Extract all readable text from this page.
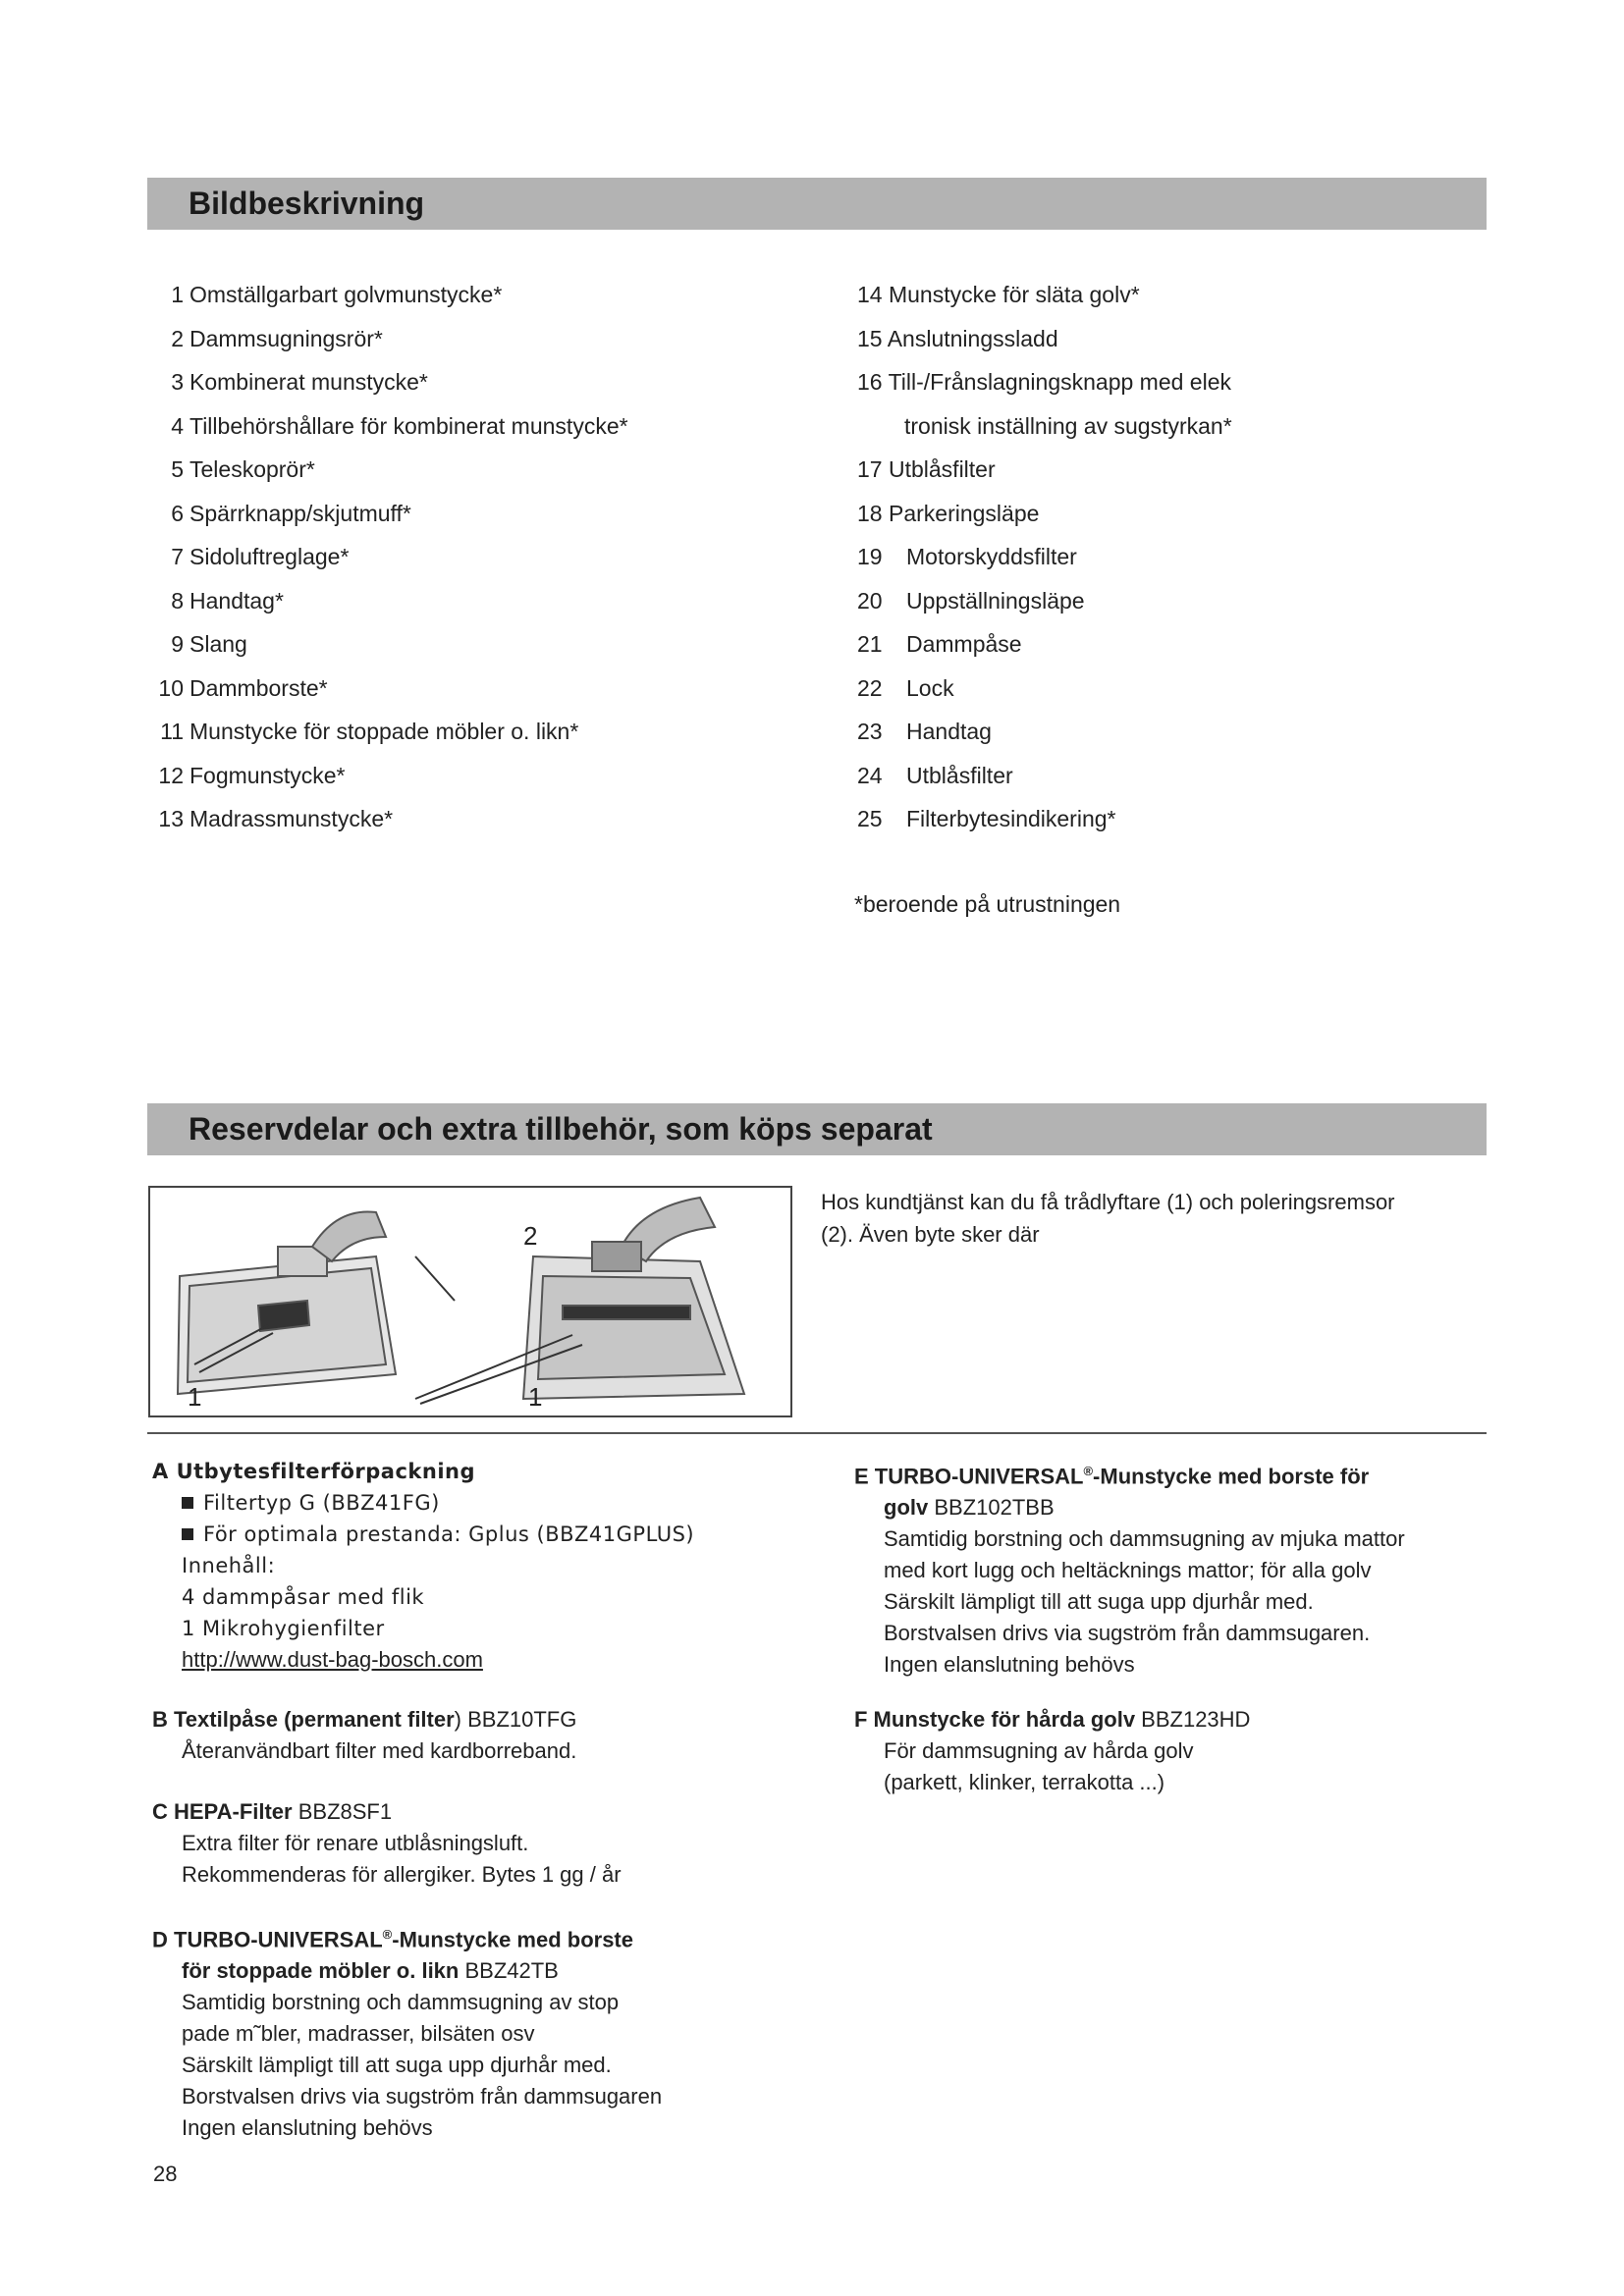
Bildbeskrivning
1 Omställgarbart golvmunstycke*
2 Dammsugningsrör*
3 Kombinerat munstycke*
4 Tillbehörshållare för kombinerat munstycke*
5 Teleskoprör*
6 Spärrknapp/skjutmuff*
7 Sidoluftreglage*
8 Handtag*
9 Slang
10 Dammborste*
11 Munstycke för stoppade möbler o. likn*
12 Fogmunstycke*
13 Madrassmunstycke*
14 Munstycke för släta golv*
15 Anslutningssladd
16 Till-/Frånslagningsknapp med elek
tronisk inställning av sugstyrkan*
17 Utblåsfilter
18 Parkeringsläpe
19 Motorskyddsfilter
20 Uppställningsläpe
21 Dammpåse
22 Lock
23 Handtag
24 Utblåsfilter
25 Filterbytesindikering*
*beroende på utrustningen
Reservdelar och extra tillbehör, som köps separat
1	1
2
Hos kundtjänst kan du få trådlyftare (1) och poleringsremsor
(2). Även byte sker där
A Utbytesfilterförpackning
Filtertyp G (BBZ41FG)
För optimala prestanda: Gplus (BBZ41GPLUS)
Innehåll:
4 dammpåsar med flik
1 Mikrohygienfilter
http://www.dust-bag-bosch.com
B Textilpåse (permanent filter) BBZ10TFG
Återanvändbart filter med kardborreband.
C HEPA-Filter BBZ8SF1
Extra filter för renare utblåsningsluft.
Rekommenderas för allergiker. Bytes 1 gg / år
D TURBO-UNIVERSAL®-Munstycke med borste
för stoppade möbler o. likn BBZ42TB
Samtidig borstning och dammsugning av stop
pade m˜bler, madrasser, bilsäten osv
Särskilt lämpligt till att suga upp djurhår med.
Borstvalsen drivs via sugström från dammsugaren
Ingen elanslutning behövs
E TURBO-UNIVERSAL®-Munstycke med borste för
golv BBZ102TBB
Samtidig borstning och dammsugning av mjuka mattor
med kort lugg och heltäcknings mattor; för alla golv
Särskilt lämpligt till att suga upp djurhår med.
Borstvalsen drivs via sugström från dammsugaren.
Ingen elanslutning behövs
F Munstycke för hårda golv BBZ123HD
För dammsugning av hårda golv
(parkett, klinker, terrakotta ...)
28
